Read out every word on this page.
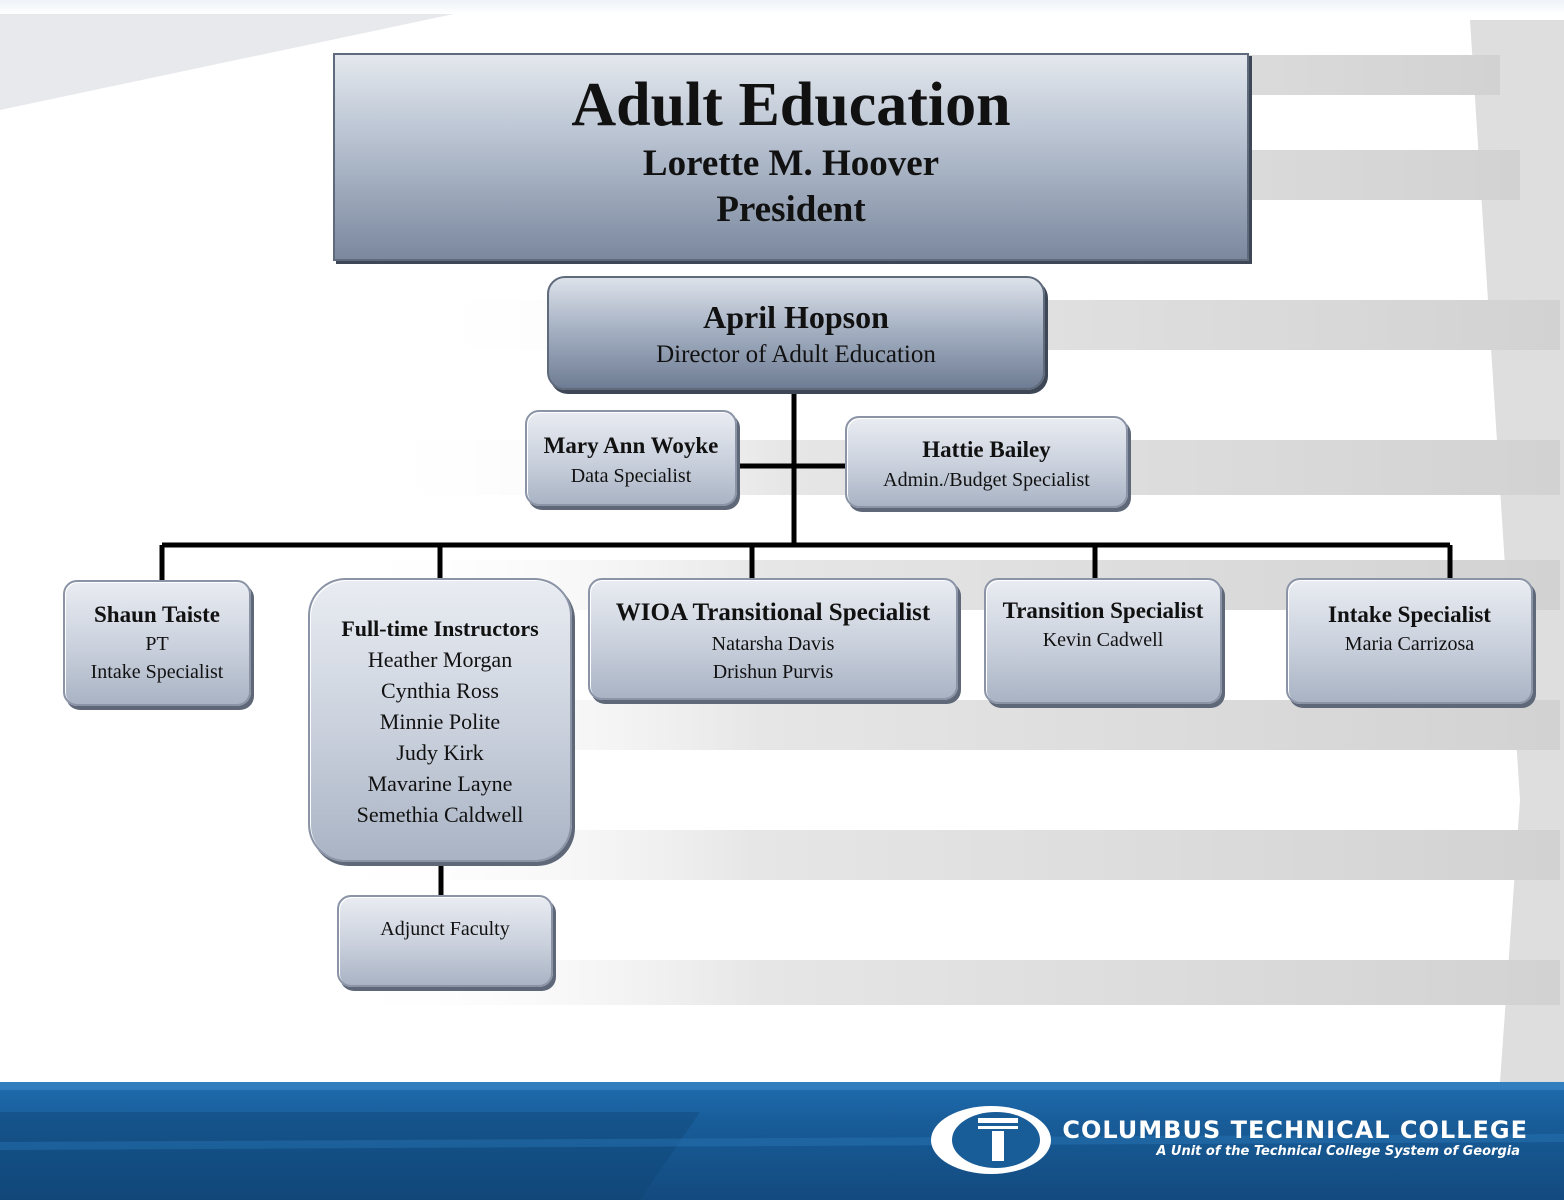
Adult Education
Lorette M. Hoover
President
April Hopson
Director of Adult Education
Mary Ann Woyke
Data Specialist
Hattie Bailey
Admin./Budget Specialist
Shaun Taiste
PT
Intake Specialist
Full-time Instructors
Heather Morgan
Cynthia Ross
Minnie Polite
Judy Kirk
Mavarine Layne
Semethia Caldwell
WIOA Transitional Specialist
Natarsha Davis
Drishun Purvis
Transition Specialist
Kevin Cadwell
Intake Specialist
Maria Carrizosa
Adjunct Faculty
COLUMBUS TECHNICAL COLLEGE
A Unit of the Technical College System of Georgia
